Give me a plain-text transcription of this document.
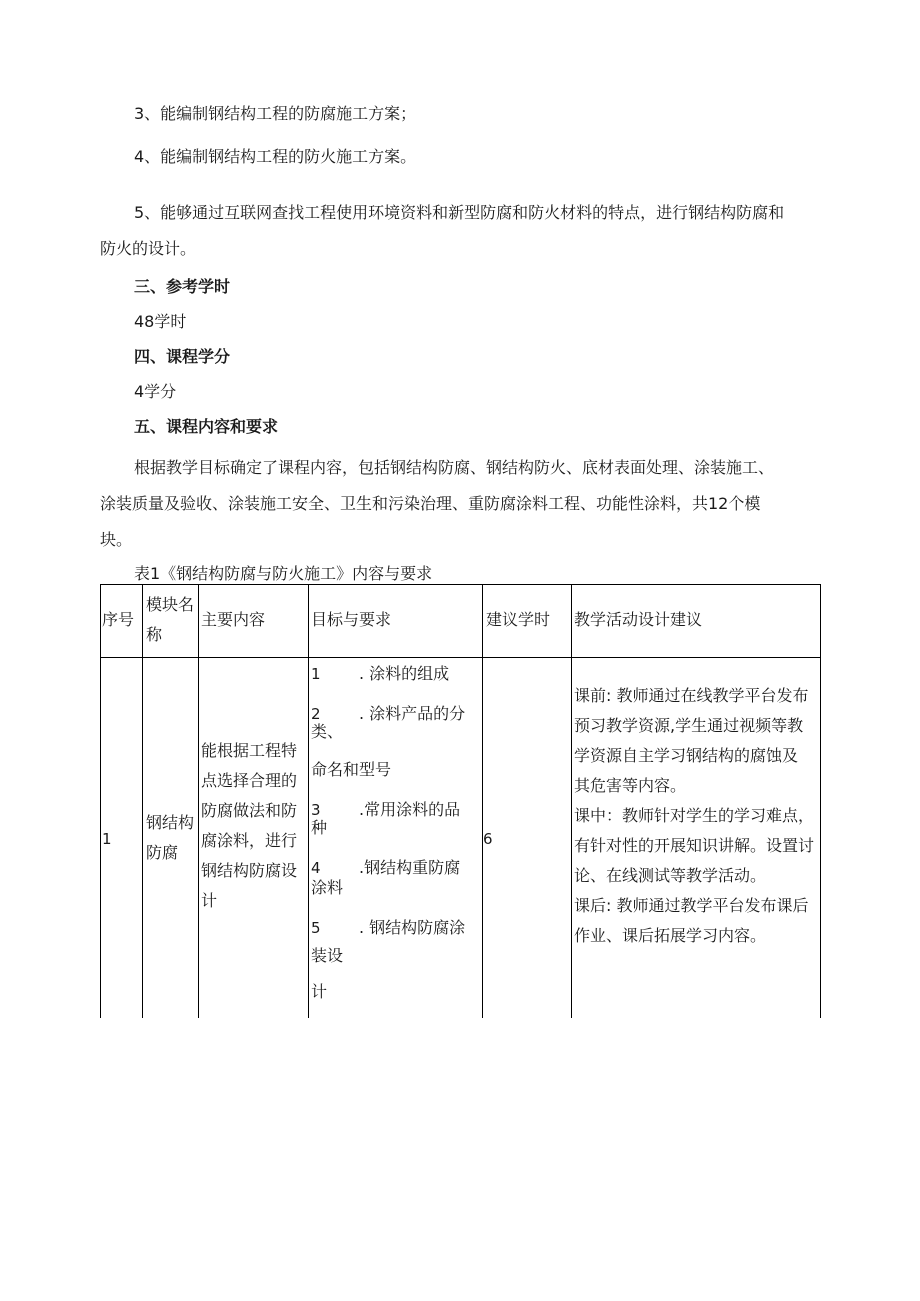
3、能编制钢结构工程的防腐施工方案；
4、能编制钢结构工程的防火施工方案。
5、能够通过互联网查找工程使用环境资料和新型防腐和防火材料的特点，进行钢结构防腐和
防火的设计。
三、参考学时
48学时
四、课程学分
4学分
五、课程内容和要求
根据教学目标确定了课程内容，包括钢结构防腐、钢结构防火、底材表面处理、涂装施工、
涂装质量及验收、涂装施工安全、卫生和污染治理、重防腐涂料工程、功能性涂料，共12个模
块。
表1《钢结构防腐与防火施工》内容与要求
序号
模块名
称
主要内容	目标与要求	建议学时 教学活动设计建议
1
钢结构
防腐
能根据工程特
点选择合理的
防腐做法和防
腐涂料，进行
钢结构防腐设
计
1 . 涂料的组成
2 . 涂料产品的分
类、
命名和型号
3 .常用涂料的品
种
4 .钢结构重防腐
涂料
5 . 钢结构防腐涂
装设
计
6
课前: 教师通过在线教学平台发布
预习教学资源,学生通过视频等教
学资源自主学习钢结构的腐蚀及
其危害等内容。
课中：教师针对学生的学习难点，
有针对性的开展知识讲解。设置讨
论、在线测试等教学活动。
课后: 教师通过教学平台发布课后
作业、课后拓展学习内容。
